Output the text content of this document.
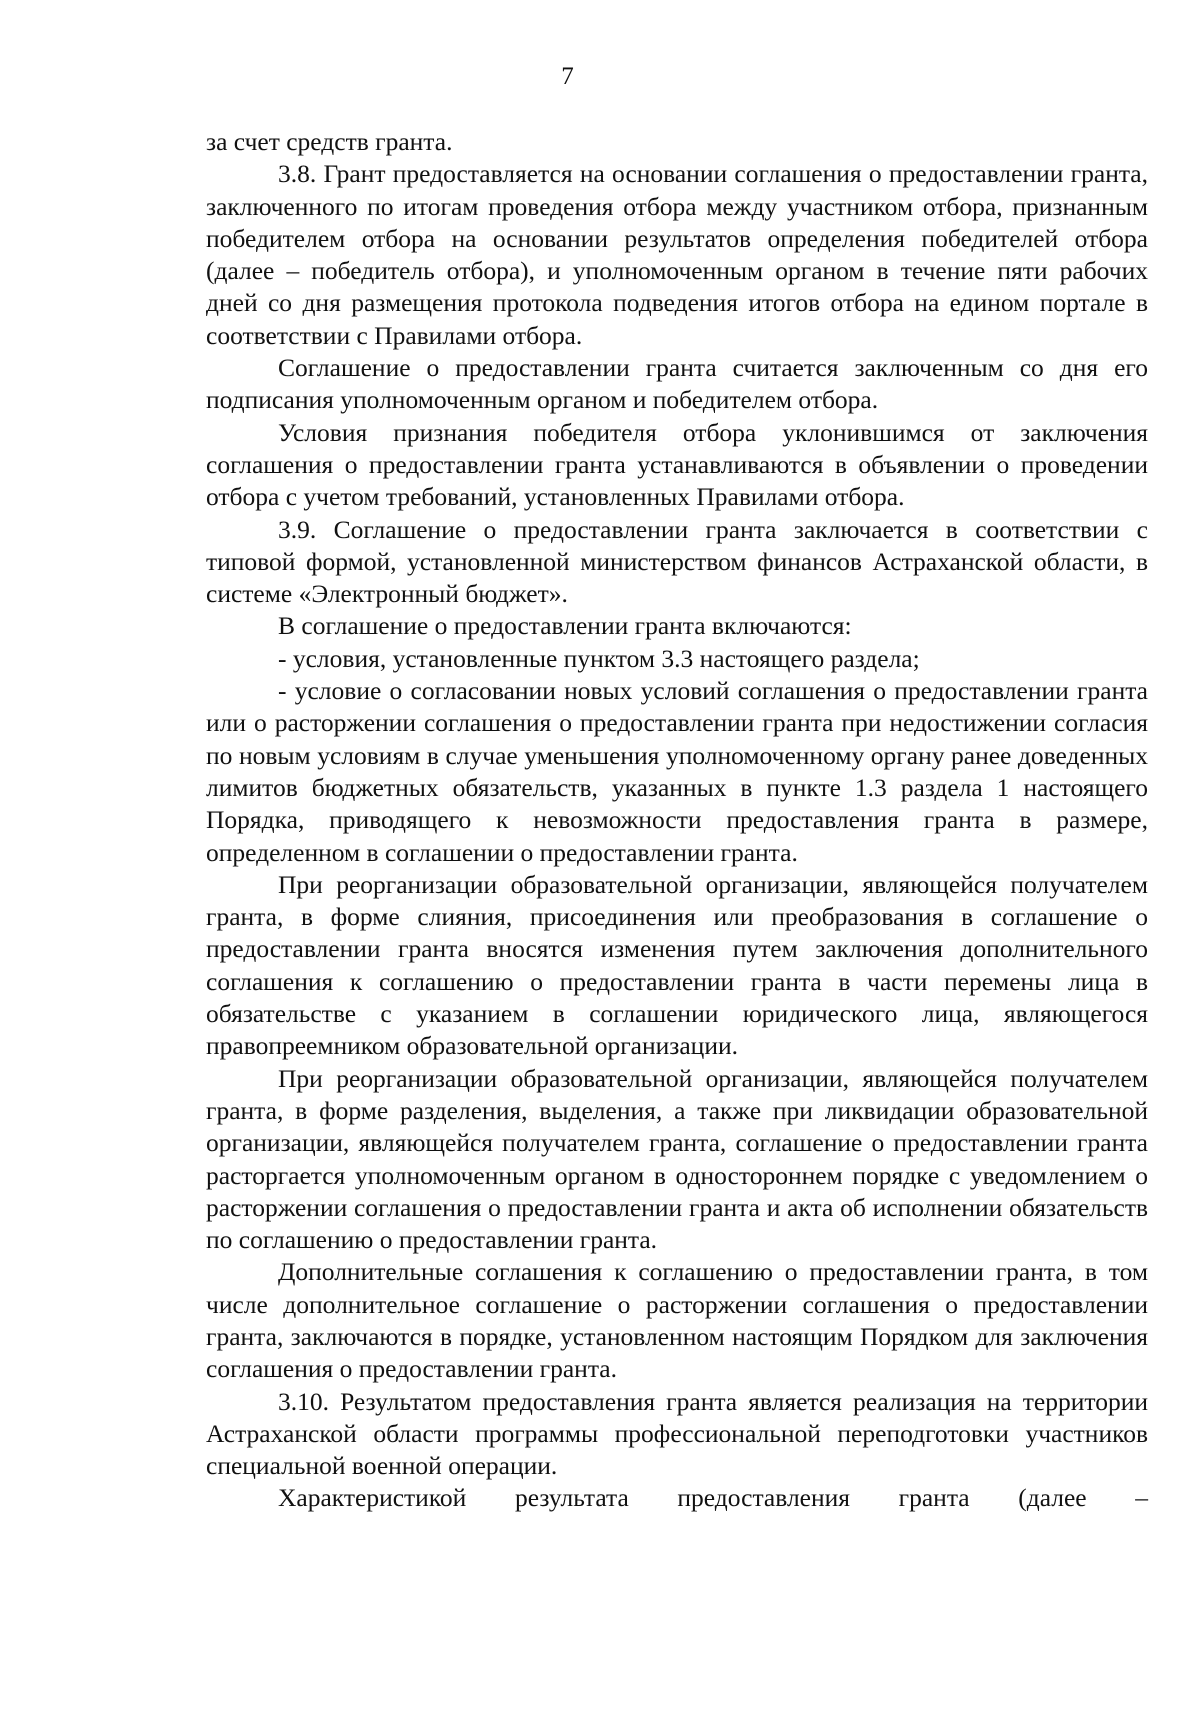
7

за счет средств гранта.

3.8. Грант предоставляется на основании соглашения о предоставлении гранта, заключенного по итогам проведения отбора между участником отбора, признанным победителем отбора на основании результатов определения победителей отбора (далее – победитель отбора), и уполномоченным органом в течение пяти рабочих дней со дня размещения протокола подведения итогов отбора на едином портале в соответствии с Правилами отбора.

Соглашение о предоставлении гранта считается заключенным со дня его подписания уполномоченным органом и победителем отбора.

Условия признания победителя отбора уклонившимся от заключения соглашения о предоставлении гранта устанавливаются в объявлении о проведении отбора с учетом требований, установленных Правилами отбора.

3.9. Соглашение о предоставлении гранта заключается в соответствии с типовой формой, установленной министерством финансов Астраханской области, в системе «Электронный бюджет».

В соглашение о предоставлении гранта включаются:

- условия, установленные пунктом 3.3 настоящего раздела;

- условие о согласовании новых условий соглашения о предоставлении гранта или о расторжении соглашения о предоставлении гранта при недостижении согласия по новым условиям в случае уменьшения уполномоченному органу ранее доведенных лимитов бюджетных обязательств, указанных в пункте 1.3 раздела 1 настоящего Порядка, приводящего к невозможности предоставления гранта в размере, определенном в соглашении о предоставлении гранта.

При реорганизации образовательной организации, являющейся получателем гранта, в форме слияния, присоединения или преобразования в соглашение о предоставлении гранта вносятся изменения путем заключения дополнительного соглашения к соглашению о предоставлении гранта в части перемены лица в обязательстве с указанием в соглашении юридического лица, являющегося правопреемником образовательной организации.

При реорганизации образовательной организации, являющейся получателем гранта, в форме разделения, выделения, а также при ликвидации образовательной организации, являющейся получателем гранта, соглашение о предоставлении гранта расторгается уполномоченным органом в одностороннем порядке с уведомлением о расторжении соглашения о предоставлении гранта и акта об исполнении обязательств по соглашению о предоставлении гранта.

Дополнительные соглашения к соглашению о предоставлении гранта, в том числе дополнительное соглашение о расторжении соглашения о предоставлении гранта, заключаются в порядке, установленном настоящим Порядком для заключения соглашения о предоставлении гранта.

3.10. Результатом предоставления гранта является реализация на территории Астраханской области программы профессиональной переподготовки участников специальной военной операции.

Характеристикой результата предоставления гранта (далее –
